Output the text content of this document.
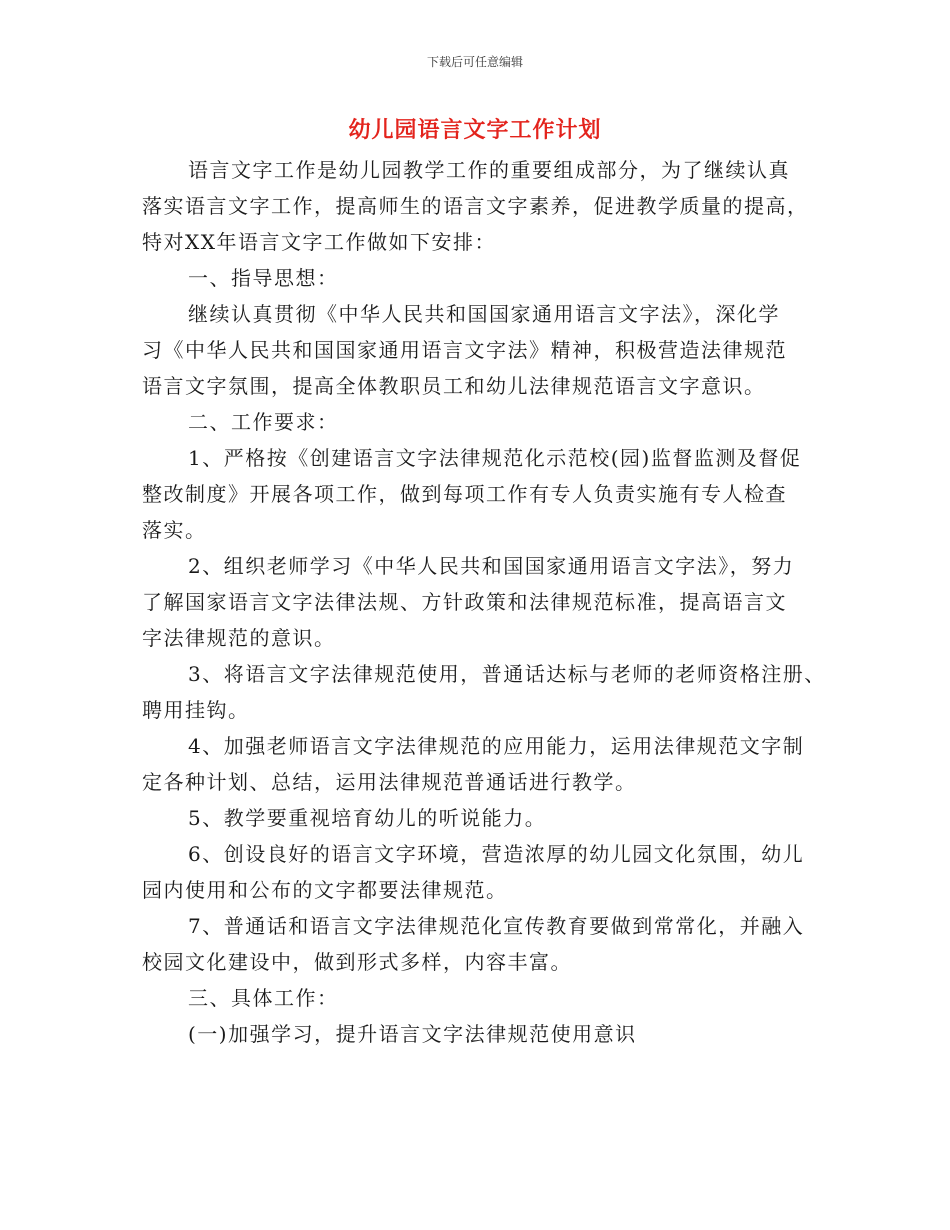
下载后可任意编辑
幼儿园语言文字工作计划

语言文字工作是幼儿园教学工作的重要组成部分，为了继续认真
落实语言文字工作，提高师生的语言文字素养，促进教学质量的提高，
特对XX年语言文字工作做如下安排：

一、指导思想：

继续认真贯彻《中华人民共和国国家通用语言文字法》，深化学
习《中华人民共和国国家通用语言文字法》精神，积极营造法律规范
语言文字氛围，提高全体教职员工和幼儿法律规范语言文字意识。

二、工作要求：

1、严格按《创建语言文字法律规范化示范校(园)监督监测及督促
整改制度》开展各项工作，做到每项工作有专人负责实施有专人检查
落实。

2、组织老师学习《中华人民共和国国家通用语言文字法》，努力
了解国家语言文字法律法规、方针政策和法律规范标准，提高语言文
字法律规范的意识。

3、将语言文字法律规范使用，普通话达标与老师的老师资格注册、
聘用挂钩。

4、加强老师语言文字法律规范的应用能力，运用法律规范文字制
定各种计划、总结，运用法律规范普通话进行教学。

5、教学要重视培育幼儿的听说能力。

6、创设良好的语言文字环境，营造浓厚的幼儿园文化氛围，幼儿
园内使用和公布的文字都要法律规范。

7、普通话和语言文字法律规范化宣传教育要做到常常化，并融入
校园文化建设中，做到形式多样，内容丰富。

三、具体工作：

(一)加强学习，提升语言文字法律规范使用意识
